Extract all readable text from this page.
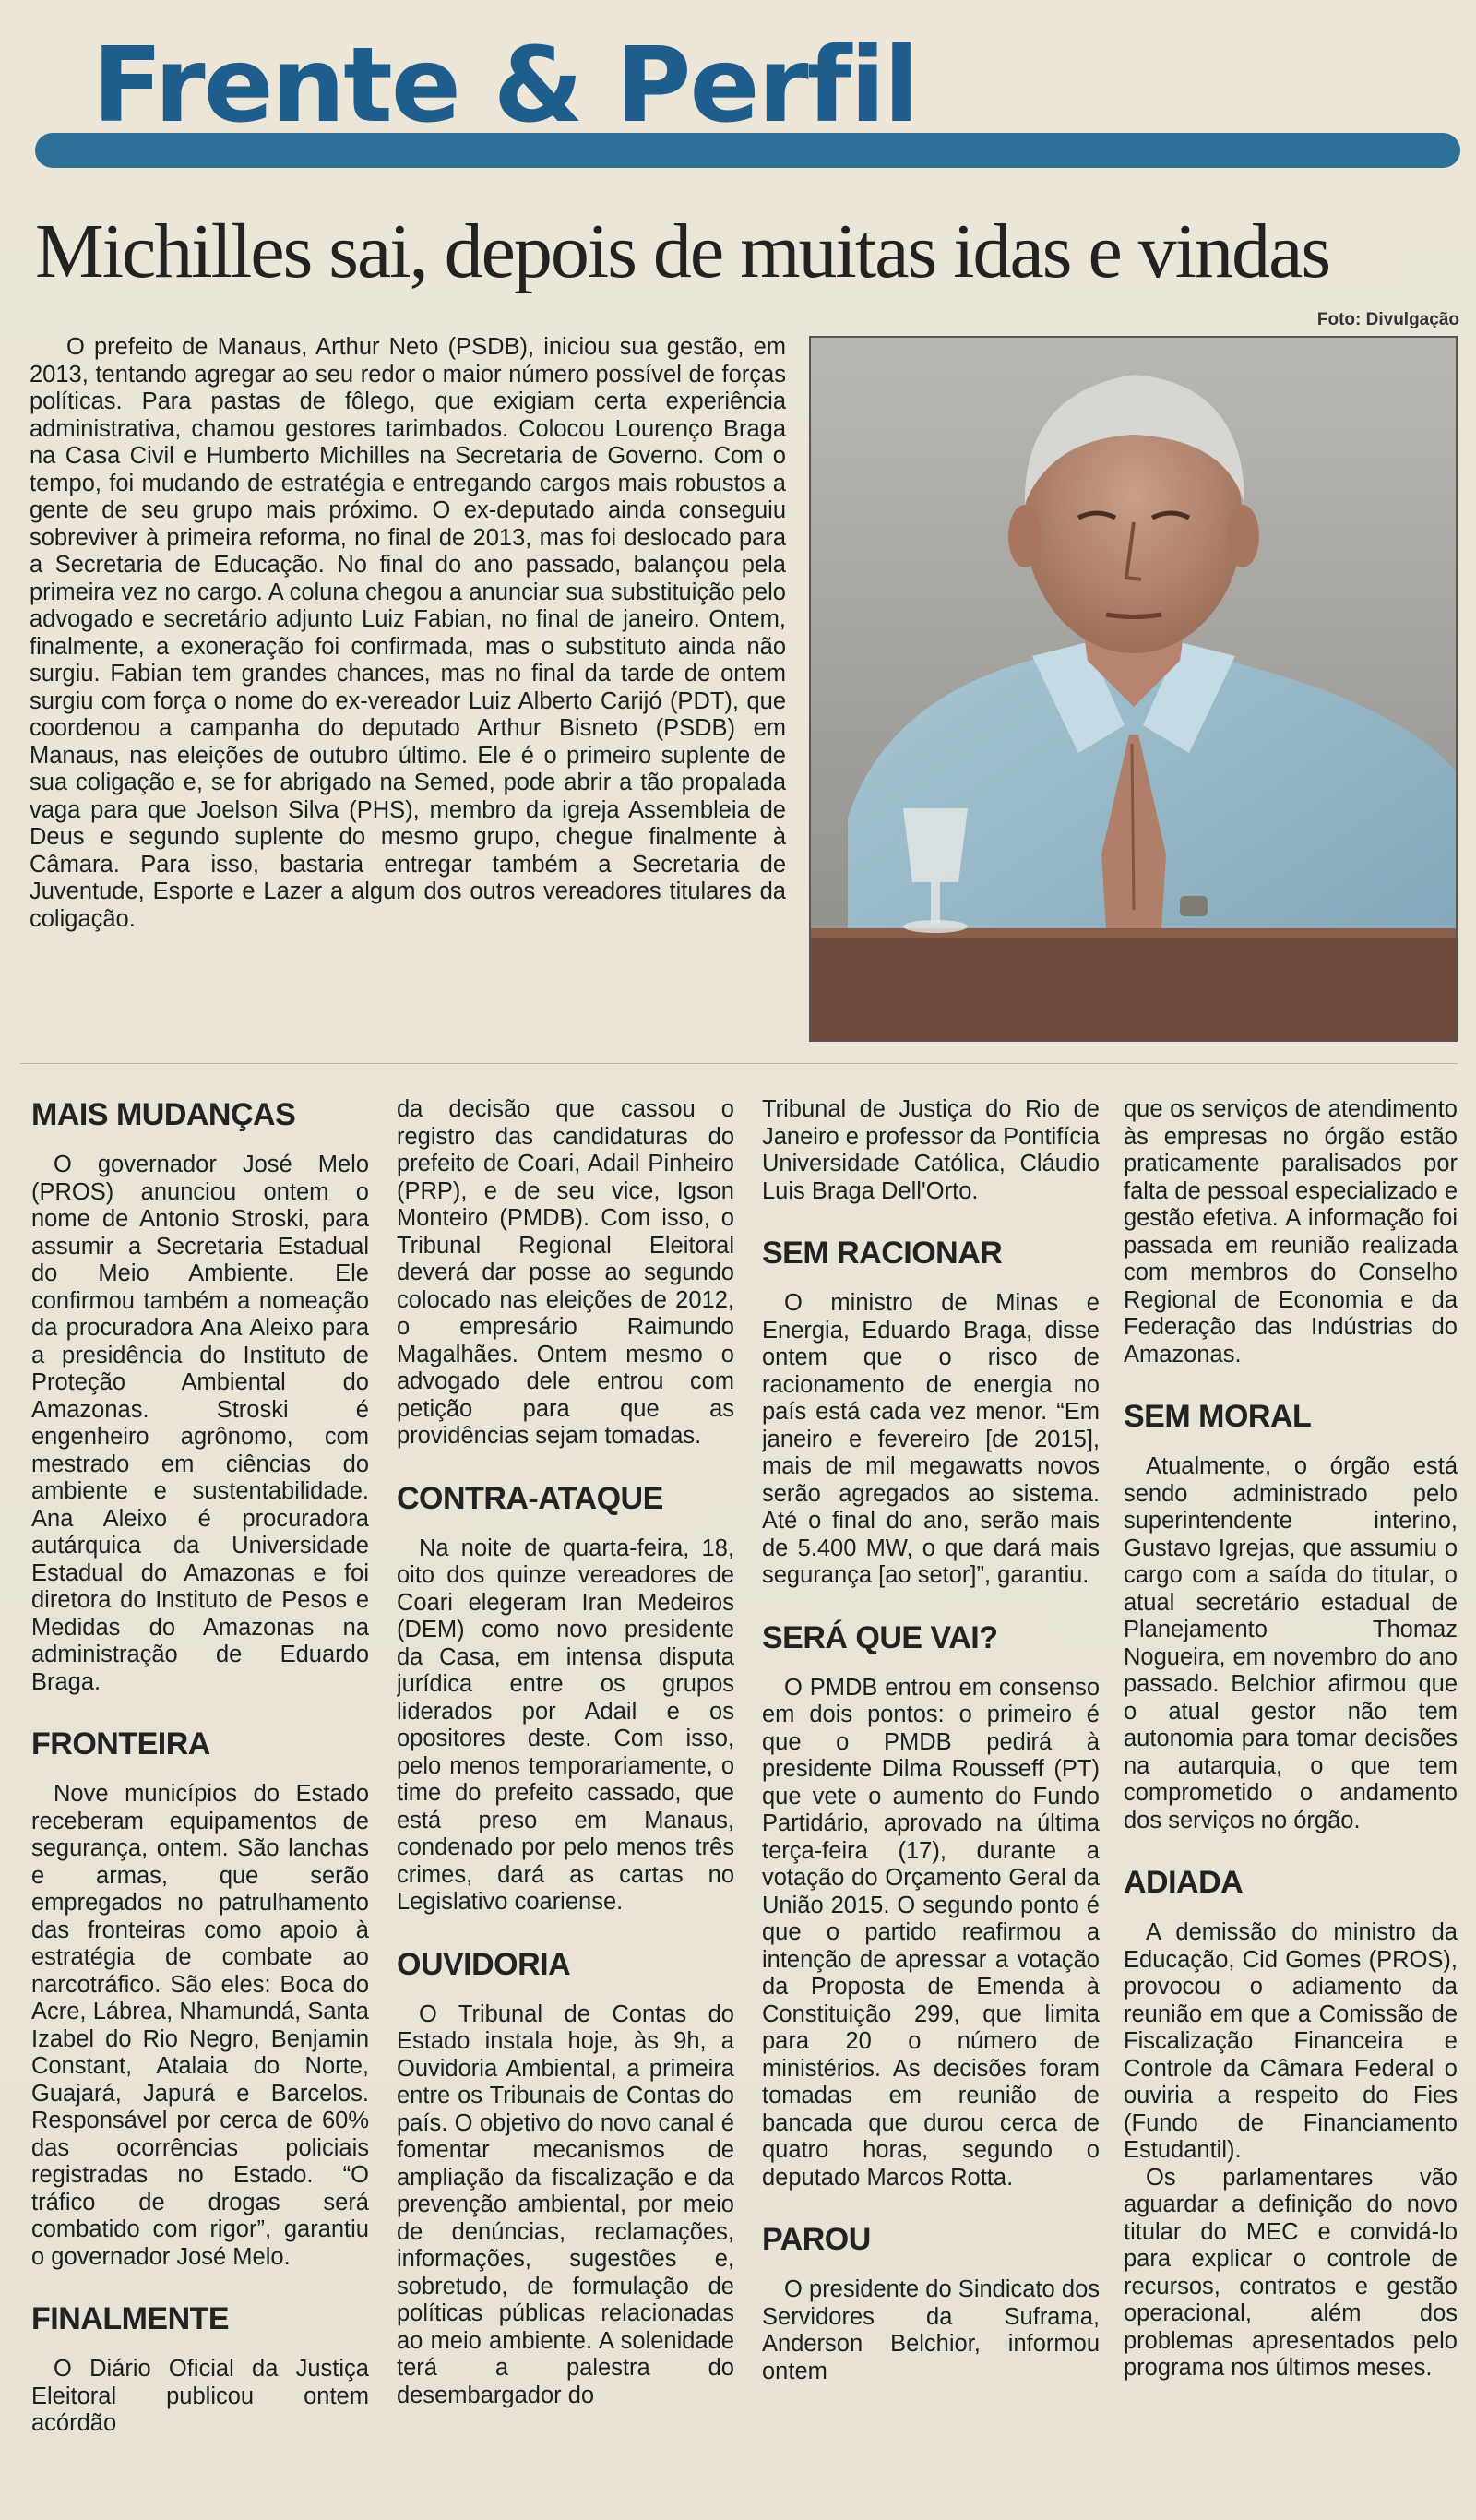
Frente & Perfil
Michilles sai, depois de muitas idas e vindas
Foto: Divulgação

O prefeito de Manaus, Arthur Neto (PSDB), iniciou sua gestão, em 2013, tentando agregar ao seu redor o maior número possível de forças políticas. Para pastas de fôlego, que exigiam certa experiência administrativa, chamou gestores tarimbados. Colocou Lourenço Braga na Casa Civil e Humberto Michilles na Secretaria de Governo. Com o tempo, foi mudando de estratégia e entregando cargos mais robustos a gente de seu grupo mais próximo. O ex-deputado ainda conseguiu sobreviver à primeira reforma, no final de 2013, mas foi deslocado para a Secretaria de Educação. No final do ano passado, balançou pela primeira vez no cargo. A coluna chegou a anunciar sua substituição pelo advogado e secretário adjunto Luiz Fabian, no final de janeiro. Ontem, finalmente, a exoneração foi confirmada, mas o substituto ainda não surgiu. Fabian tem grandes chances, mas no final da tarde de ontem surgiu com força o nome do ex-vereador Luiz Alberto Carijó (PDT), que coordenou a campanha do deputado Arthur Bisneto (PSDB) em Manaus, nas eleições de outubro último. Ele é o primeiro suplente de sua coligação e, se for abrigado na Semed, pode abrir a tão propalada vaga para que Joelson Silva (PHS), membro da igreja Assembleia de Deus e segundo suplente do mesmo grupo, chegue finalmente à Câmara. Para isso, bastaria entregar também a Secretaria de Juventude, Esporte e Lazer a algum dos outros vereadores titulares da coligação.

MAIS MUDANÇAS

O governador José Melo (PROS) anunciou ontem o nome de Antonio Stroski, para assumir a Secretaria Estadual do Meio Ambiente. Ele confirmou também a nomeação da procuradora Ana Aleixo para a presidência do Instituto de Proteção Ambiental do Amazonas. Stroski é engenheiro agrônomo, com mestrado em ciências do ambiente e sustentabilidade. Ana Aleixo é procuradora autárquica da Universidade Estadual do Amazonas e foi diretora do Instituto de Pesos e Medidas do Amazonas na administração de Eduardo Braga.

FRONTEIRA

Nove municípios do Estado receberam equipamentos de segurança, ontem. São lanchas e armas, que serão empregados no patrulhamento das fronteiras como apoio à estratégia de combate ao narcotráfico. São eles: Boca do Acre, Lábrea, Nhamundá, Santa Izabel do Rio Negro, Benjamin Constant, Atalaia do Norte, Guajará, Japurá e Barcelos. Responsável por cerca de 60% das ocorrências policiais registradas no Estado. “O tráfico de drogas será combatido com rigor”, garantiu o governador José Melo.

FINALMENTE

O Diário Oficial da Justiça Eleitoral publicou ontem acórdão

da decisão que cassou o registro das candidaturas do prefeito de Coari, Adail Pinheiro (PRP), e de seu vice, Igson Monteiro (PMDB). Com isso, o Tribunal Regional Eleitoral deverá dar posse ao segundo colocado nas eleições de 2012, o empresário Raimundo Magalhães. Ontem mesmo o advogado dele entrou com petição para que as providências sejam tomadas.

CONTRA-ATAQUE

Na noite de quarta-feira, 18, oito dos quinze vereadores de Coari elegeram Iran Medeiros (DEM) como novo presidente da Casa, em intensa disputa jurídica entre os grupos liderados por Adail e os opositores deste. Com isso, pelo menos temporariamente, o time do prefeito cassado, que está preso em Manaus, condenado por pelo menos três crimes, dará as cartas no Legislativo coariense.

OUVIDORIA

O Tribunal de Contas do Estado instala hoje, às 9h, a Ouvidoria Ambiental, a primeira entre os Tribunais de Contas do país. O objetivo do novo canal é fomentar mecanismos de ampliação da fiscalização e da prevenção ambiental, por meio de denúncias, reclamações, informações, sugestões e, sobretudo, de formulação de políticas públicas relacionadas ao meio ambiente. A solenidade terá a palestra do desembargador do

Tribunal de Justiça do Rio de Janeiro e professor da Pontifícia Universidade Católica, Cláudio Luis Braga Dell'Orto.

SEM RACIONAR

O ministro de Minas e Energia, Eduardo Braga, disse ontem que o risco de racionamento de energia no país está cada vez menor. “Em janeiro e fevereiro [de 2015], mais de mil megawatts novos serão agregados ao sistema. Até o final do ano, serão mais de 5.400 MW, o que dará mais segurança [ao setor]”, garantiu.

SERÁ QUE VAI?

O PMDB entrou em consenso em dois pontos: o primeiro é que o PMDB pedirá à presidente Dilma Rousseff (PT) que vete o aumento do Fundo Partidário, aprovado na última terça-feira (17), durante a votação do Orçamento Geral da União 2015. O segundo ponto é que o partido reafirmou a intenção de apressar a votação da Proposta de Emenda à Constituição 299, que limita para 20 o número de ministérios. As decisões foram tomadas em reunião de bancada que durou cerca de quatro horas, segundo o deputado Marcos Rotta.

PAROU

O presidente do Sindicato dos Servidores da Suframa, Anderson Belchior, informou ontem

que os serviços de atendimento às empresas no órgão estão praticamente paralisados por falta de pessoal especializado e gestão efetiva. A informação foi passada em reunião realizada com membros do Conselho Regional de Economia e da Federação das Indústrias do Amazonas.

SEM MORAL

Atualmente, o órgão está sendo administrado pelo superintendente interino, Gustavo Igrejas, que assumiu o cargo com a saída do titular, o atual secretário estadual de Planejamento Thomaz Nogueira, em novembro do ano passado. Belchior afirmou que o atual gestor não tem autonomia para tomar decisões na autarquia, o que tem comprometido o andamento dos serviços no órgão.

ADIADA

A demissão do ministro da Educação, Cid Gomes (PROS), provocou o adiamento da reunião em que a Comissão de Fiscalização Financeira e Controle da Câmara Federal o ouviria a respeito do Fies (Fundo de Financiamento Estudantil).

Os parlamentares vão aguardar a definição do novo titular do MEC e convidá-lo para explicar o controle de recursos, contratos e gestão operacional, além dos problemas apresentados pelo programa nos últimos meses.
